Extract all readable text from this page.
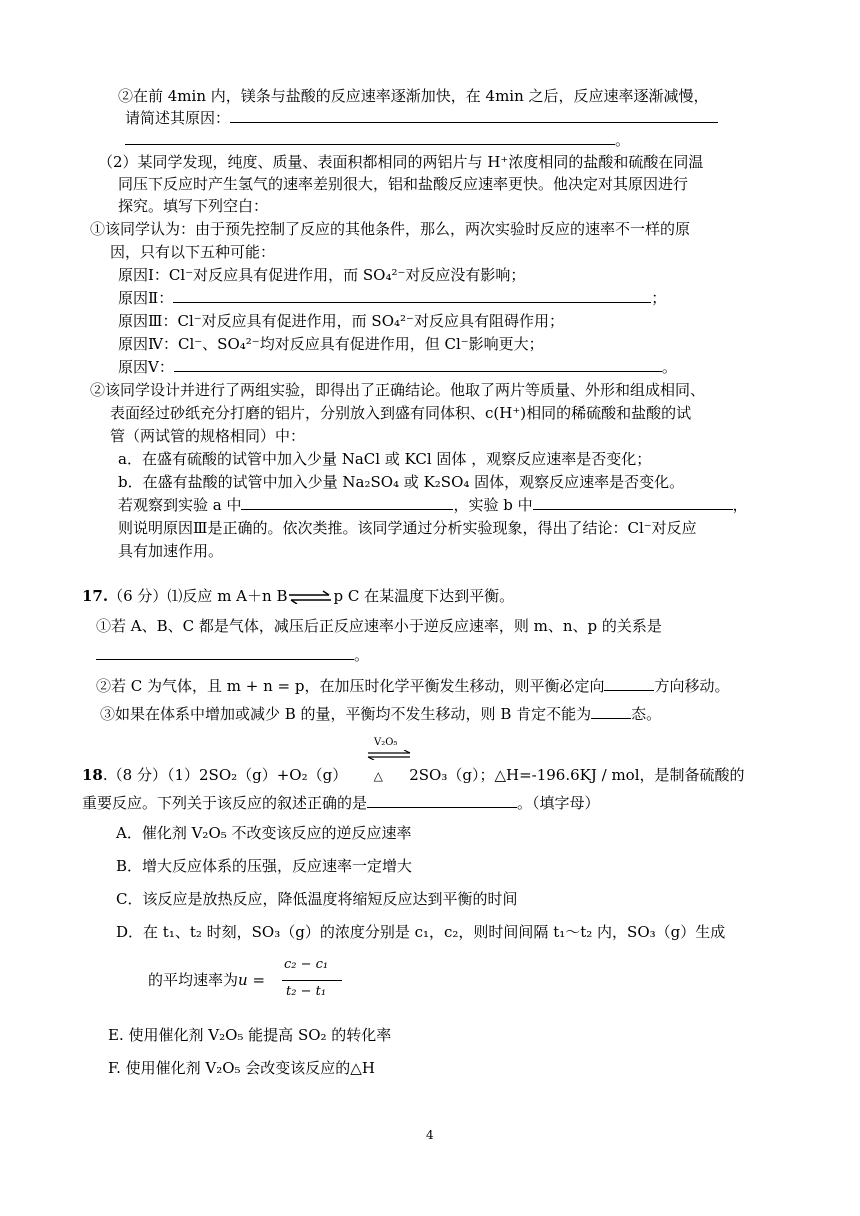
②在前 4min 内，镁条与盐酸的反应速率逐渐加快，在 4min 之后，反应速率逐渐减慢，
请简述其原因：
。
（2）某同学发现，纯度、质量、表面积都相同的两铝片与 H⁺浓度相同的盐酸和硫酸在同温
同压下反应时产生氢气的速率差别很大，铝和盐酸反应速率更快。他决定对其原因进行
探究。填写下列空白：
①该同学认为：由于预先控制了反应的其他条件，那么，两次实验时反应的速率不一样的原
因，只有以下五种可能：
原因Ⅰ：Cl⁻对反应具有促进作用，而 SO₄²⁻对反应没有影响；
原因Ⅱ：	；
原因Ⅲ：Cl⁻对反应具有促进作用，而 SO₄²⁻对反应具有阻碍作用；
原因Ⅳ：Cl⁻、SO₄²⁻均对反应具有促进作用，但 Cl⁻影响更大；
原因Ⅴ：	。
②该同学设计并进行了两组实验，即得出了正确结论。他取了两片等质量、外形和组成相同、
表面经过砂纸充分打磨的铝片，分别放入到盛有同体积、c(H⁺)相同的稀硫酸和盐酸的试
管（两试管的规格相同）中：
a．在盛有硫酸的试管中加入少量 NaCl 或 KCl 固体 ，观察反应速率是否变化；
b．在盛有盐酸的试管中加入少量 Na₂SO₄ 或 K₂SO₄ 固体，观察反应速率是否变化。
若观察到实验 a 中	，实验 b 中	，
则说明原因Ⅲ是正确的。依次类推。该同学通过分析实验现象，得出了结论：Cl⁻对反应
具有加速作用。
17.（6 分）⑴反应 m A＋n B⇌p C 在某温度下达到平衡。
①若 A、B、C 都是气体，减压后正反应速率小于逆反应速率，则 m、n、p 的关系是
。
②若 C 为气体，且 m + n = p，在加压时化学平衡发生移动，则平衡必定向	方向移动。
③如果在体系中增加或减少 B 的量，平衡均不发生移动，则 B 肯定不能为	态。
V₂O₅
18.（8 分）（1）2SO₂（g）+O₂（g） △ 2SO₃（g）；△H=-196.6KJ / mol，是制备硫酸的
重要反应。下列关于该反应的叙述正确的是	。（填字母）
A．催化剂 V₂O₅ 不改变该反应的逆反应速率
B．增大反应体系的压强，反应速率一定增大
C．该反应是放热反应，降低温度将缩短反应达到平衡的时间
D．在 t₁、t₂ 时刻，SO₃（g）的浓度分别是 c₁，c₂，则时间间隔 t₁～t₂ 内，SO₃（g）生成
的平均速率为u =
c₂ − c₁
t₂ − t₁
E. 使用催化剂 V₂O₅ 能提高 SO₂ 的转化率
F. 使用催化剂 V₂O₅ 会改变该反应的△H
4
